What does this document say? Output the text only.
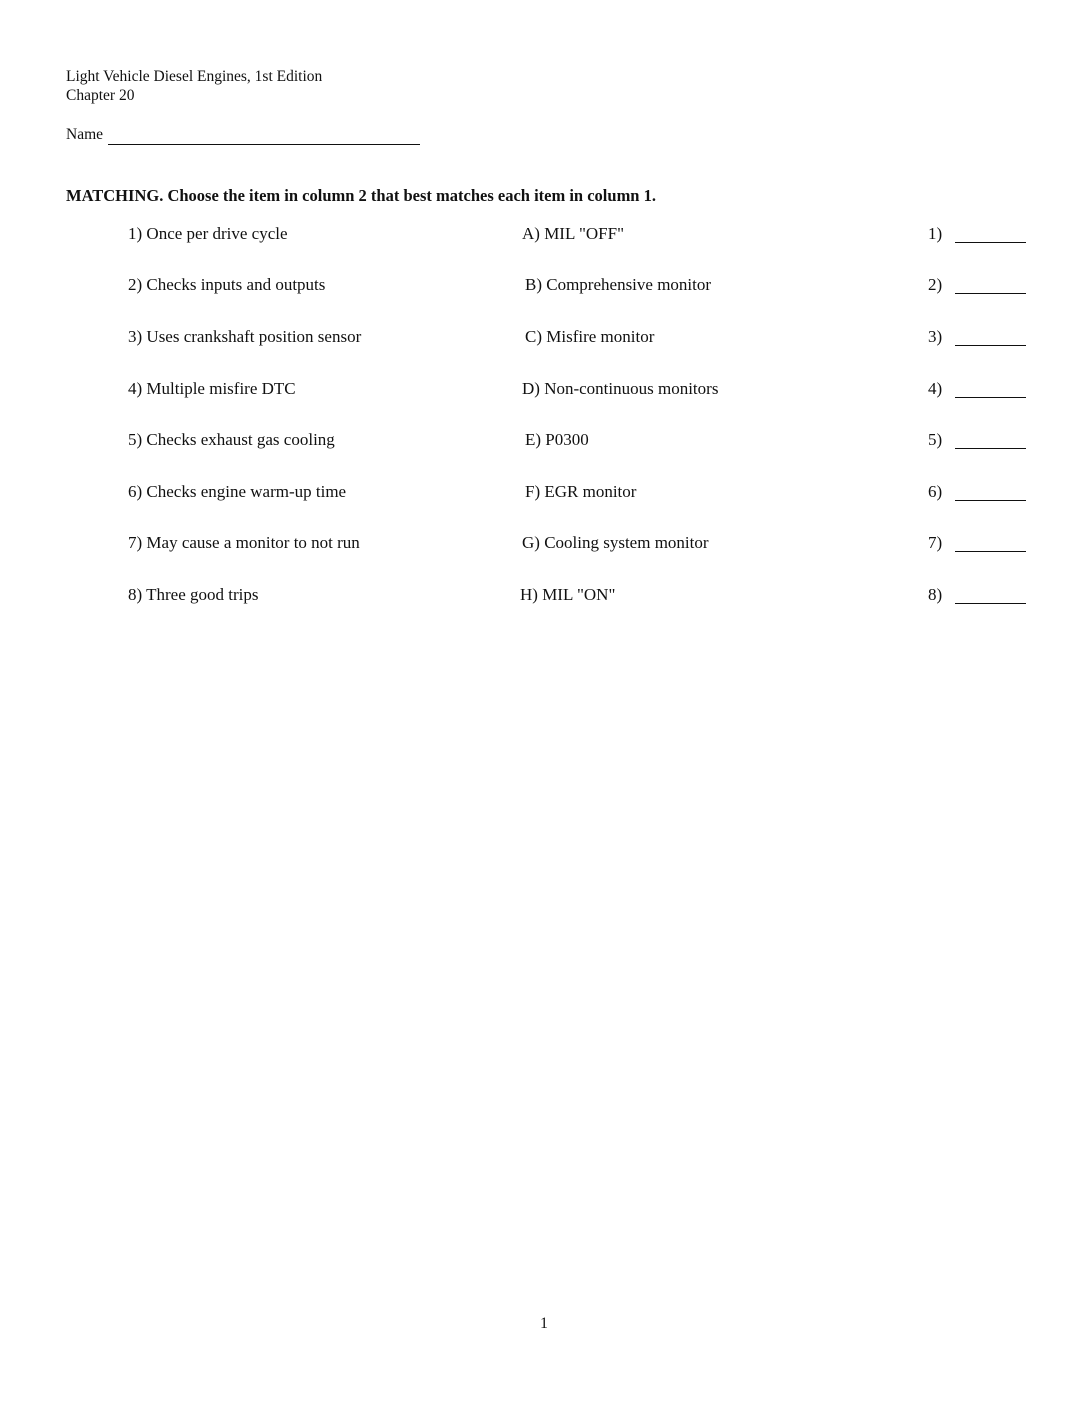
Light Vehicle Diesel Engines, 1st Edition
Chapter 20
Name
MATCHING. Choose the item in column 2 that best matches each item in column 1.
1) Once per drive cycle	A) MIL "OFF"	1)
2) Checks inputs and outputs	B) Comprehensive monitor	2)
3) Uses crankshaft position sensor	C) Misfire monitor	3)
4) Multiple misfire DTC	D) Non-continuous monitors	4)
5) Checks exhaust gas cooling	E) P0300	5)
6) Checks engine warm-up time	F) EGR monitor	6)
7) May cause a monitor to not run	G) Cooling system monitor	7)
8) Three good trips	H) MIL "ON"	8)
1
